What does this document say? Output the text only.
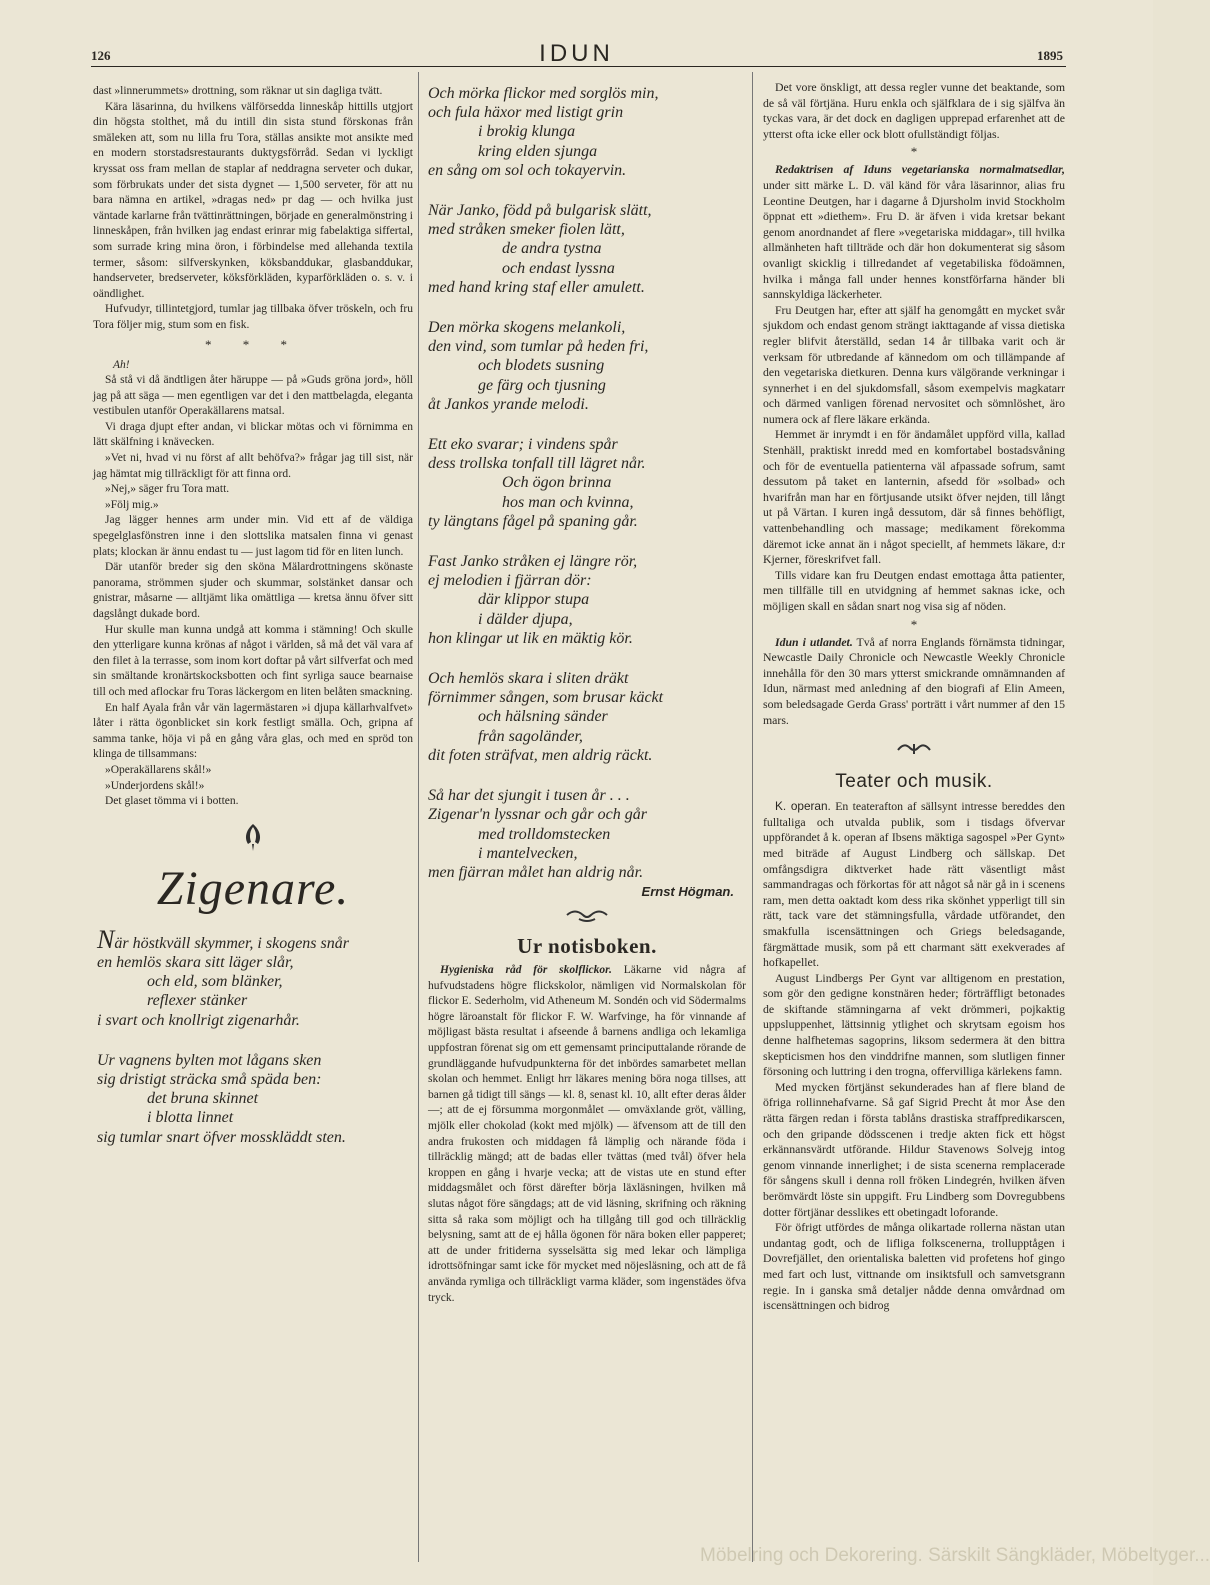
126	IDUN	1895

dast »linnerummets» drottning, som räknar ut sin dagliga tvätt.

Kära läsarinna, du hvilkens välförsedda linneskåp hittills utgjort din högsta stolthet, må du intill din sista stund förskonas från smäleken att, som nu lilla fru Tora, ställas ansikte mot ansikte med en modern storstadsrestaurants duktygsförråd. Sedan vi lyckligt kryssat oss fram mellan de staplar af neddragna serveter och dukar, som förbrukats under det sista dygnet — 1,500 serveter, för att nu bara nämna en artikel, »dragas ned» pr dag — och hvilka just väntade karlarne från tvättinrättningen, började en generalmönstring i linneskåpen, från hvilken jag endast erinrar mig fabelaktiga siffertal, som surrade kring mina öron, i förbindelse med allehanda textila termer, såsom: silfverskynken, köksbanddukar, glasbanddukar, handserveter, bredserveter, köksförkläden, kyparförkläden o. s. v. i oändlighet.

Hufvudyr, tillintetgjord, tumlar jag tillbaka öfver tröskeln, och fru Tora följer mig, stum som en fisk.

* * *

Ah!

Så stå vi då ändtligen åter häruppe — på »Guds gröna jord», höll jag på att säga — men egentligen var det i den mattbelagda, eleganta vestibulen utanför Operakällarens matsal.

Vi draga djupt efter andan, vi blickar mötas och vi förnimma en lätt skälfning i knävecken.

»Vet ni, hvad vi nu först af allt behöfva?» frågar jag till sist, när jag hämtat mig tillräckligt för att finna ord.

»Nej,» säger fru Tora matt.

»Följ mig.»

Jag lägger hennes arm under min. Vid ett af de väldiga spegelglasfönstren inne i den slottslika matsalen finna vi genast plats; klockan är ännu endast tu — just lagom tid för en liten lunch.

Där utanför breder sig den sköna Mälardrottningens skönaste panorama, strömmen sjuder och skummar, solstänket dansar och gnistrar, måsarne — alltjämt lika omättliga — kretsa ännu öfver sitt dagslångt dukade bord.

Hur skulle man kunna undgå att komma i stämning! Och skulle den ytterligare kunna krönas af något i världen, så må det väl vara af den filet à la terrasse, som inom kort doftar på vårt silfverfat och med sin smältande kronärtskocksbotten och fint syrliga sauce bearnaise till och med aflockar fru Toras läckergom en liten belåten smackning.

En half Ayala från vår vän lagermästaren »i djupa källarhvalfvet» låter i rätta ögonblicket sin kork festligt smälla. Och, gripna af samma tanke, höja vi på en gång våra glas, och med en spröd ton klinga de tillsammans:

»Operakällarens skål!»

»Underjordens skål!»

Det glaset tömma vi i botten.

Zigenare.
När höstkväll skymmer, i skogens snår
en hemlös skara sitt läger slår,
och eld, som blänker,
reflexer stänker
i svart och knollrigt zigenarhår.
Ur vagnens bylten mot lågans sken
sig dristigt sträcka små späda ben:
det bruna skinnet
i blotta linnet
sig tumlar snart öfver mosskläddt sten.
Och mörka flickor med sorglös min,
och fula häxor med listigt grin
i brokig klunga
kring elden sjunga
en sång om sol och tokayervin.
När Janko, född på bulgarisk slätt,
med stråken smeker fiolen lätt,
de andra tystna
och endast lyssna
med hand kring staf eller amulett.
Den mörka skogens melankoli,
den vind, som tumlar på heden fri,
och blodets susning
ge färg och tjusning
åt Jankos yrande melodi.
Ett eko svarar; i vindens spår
dess trollska tonfall till lägret når.
Och ögon brinna
hos man och kvinna,
ty längtans fågel på spaning går.
Fast Janko stråken ej längre rör,
ej melodien i fjärran dör:
där klippor stupa
i dälder djupa,
hon klingar ut lik en mäktig kör.
Och hemlös skara i sliten dräkt
förnimmer sången, som brusar käckt
och hälsning sänder
från sagoländer,
dit foten sträfvat, men aldrig räckt.
Så har det sjungit i tusen år . . .
Zigenar'n lyssnar och går och går
med trolldomstecken
i mantelvecken,
men fjärran målet han aldrig når.
Ernst Högman.
Ur notisboken.

Hygieniska råd för skolflickor. Läkarne vid några af hufvudstadens högre flickskolor, nämligen vid Normalskolan för flickor E. Sederholm, vid Atheneum M. Sondén och vid Södermalms högre läroanstalt för flickor F. W. Warfvinge, ha för vinnande af möjligast bästa resultat i afseende å barnens andliga och lekamliga uppfostran förenat sig om ett gemensamt principuttalande rörande de grundläggande hufvudpunkterna för det inbördes samarbetet mellan skolan och hemmet. Enligt hrr läkares mening böra noga tillses, att barnen gå tidigt till sängs — kl. 8, senast kl. 10, allt efter deras ålder —; att de ej försumma morgonmålet — omväxlande gröt, välling, mjölk eller chokolad (kokt med mjölk) — äfvensom att de till den andra frukosten och middagen få lämplig och närande föda i tillräcklig mängd; att de badas eller tvättas (med tvål) öfver hela kroppen en gång i hvarje vecka; att de vistas ute en stund efter middagsmålet och först därefter börja läxläsningen, hvilken må slutas något före sängdags; att de vid läsning, skrifning och räkning sitta så raka som möjligt och ha tillgång till god och tillräcklig belysning, samt att de ej hålla ögonen för nära boken eller papperet; att de under fritiderna sysselsätta sig med lekar och lämpliga idrottsöfningar samt icke för mycket med nöjesläsning, och att de få använda rymliga och tillräckligt varma kläder, som ingenstädes öfva tryck.

Det vore önskligt, att dessa regler vunne det beaktande, som de så väl förtjäna. Huru enkla och själfklara de i sig själfva än tyckas vara, är det dock en dagligen upprepad erfarenhet att de ytterst ofta icke eller ock blott ofullständigt följas.

*

Redaktrisen af Iduns vegetarianska normalmatsedlar, under sitt märke L. D. väl känd för våra läsarinnor, alias fru Leontine Deutgen, har i dagarne å Djursholm invid Stockholm öppnat ett »diethem». Fru D. är äfven i vida kretsar bekant genom anordnandet af flere »vegetariska middagar», till hvilka allmänheten haft tillträde och där hon dokumenterat sig såsom ovanligt skicklig i tillredandet af vegetabiliska födoämnen, hvilka i många fall under hennes konstförfarna händer bli sannskyldiga läckerheter.

Fru Deutgen har, efter att själf ha genomgått en mycket svår sjukdom och endast genom strängt iakttagande af vissa dietiska regler blifvit återställd, sedan 14 år tillbaka varit och är verksam för utbredande af kännedom om och tillämpande af den vegetariska dietkuren. Denna kurs välgörande verkningar i synnerhet i en del sjukdomsfall, såsom exempelvis magkatarr och därmed vanligen förenad nervositet och sömnlöshet, äro numera ock af flere läkare erkända.

Hemmet är inrymdt i en för ändamålet uppförd villa, kallad Stenhäll, praktiskt inredd med en komfortabel bostadsvåning och för de eventuella patienterna väl afpassade sofrum, samt dessutom på taket en lanternin, afsedd för »solbad» och hvarifrån man har en förtjusande utsikt öfver nejden, till långt ut på Värtan. I kuren ingå dessutom, där så finnes behöfligt, vattenbehandling och massage; medikament förekomma däremot icke annat än i något speciellt, af hemmets läkare, d:r Kjerner, föreskrifvet fall.

Tills vidare kan fru Deutgen endast emottaga åtta patienter, men tillfälle till en utvidgning af hemmet saknas icke, och möjligen skall en sådan snart nog visa sig af nöden.

*

Idun i utlandet. Två af norra Englands förnämsta tidningar, Newcastle Daily Chronicle och Newcastle Weekly Chronicle innehålla för den 30 mars ytterst smickrande omnämnanden af Idun, närmast med anledning af den biografi af Elin Ameen, som beledsagade Gerda Grass' porträtt i vårt nummer af den 15 mars.

Teater och musik.

K. operan. En teaterafton af sällsynt intresse bereddes den fulltaliga och utvalda publik, som i tisdags öfvervar uppförandet å k. operan af Ibsens mäktiga sagospel »Per Gynt» med biträde af August Lindberg och sällskap. Det omfångsdigra diktverket hade rätt väsentligt måst sammandragas och förkortas för att något så när gå in i scenens ram, men detta oaktadt kom dess rika skönhet ypperligt till sin rätt, tack vare det stämningsfulla, vårdade utförandet, den smakfulla iscensättningen och Griegs beledsagande, färgmättade musik, som på ett charmant sätt exekverades af hofkapellet.

August Lindbergs Per Gynt var alltigenom en prestation, som gör den gedigne konstnären heder; förträffligt betonades de skiftande stämningarna af vekt drömmeri, pojkaktig uppsluppenhet, lättsinnig ytlighet och skrytsam egoism hos denne halfhetemas sagoprins, liksom sedermera ät den bittra skepticismen hos den vinddrifne mannen, som slutligen finner försoning och luttring i den trogna, offervilliga kärlekens famn.

Med mycken förtjänst sekunderades han af flere bland de öfriga rollinnehafvarne. Så gaf Sigrid Precht åt mor Åse den rätta färgen redan i första tablåns drastiska straffpredikarscen, och den gripande dödsscenen i tredje akten fick ett högst erkännansvärdt utförande. Hildur Stavenows Solvejg intog genom vinnande innerlighet; i de sista scenerna remplacerade för sångens skull i denna roll fröken Lindegrén, hvilken äfven berömvärdt löste sin uppgift. Fru Lindberg som Dovregubbens dotter förtjänar desslikes ett obetingadt loforande.

För öfrigt utfördes de många olikartade rollerna nästan utan undantag godt, och de lifliga folkscenerna, trollupptågen i Dovrefjället, den orientaliska baletten vid profetens hof gingo med fart och lust, vittnande om insiktsfull och samvetsgrann regie. In i ganska små detaljer nådde denna omvårdnad om iscensättningen och bidrog

Möbelring och Dekorering. Särskilt Sängkläder, Möbeltyger...
